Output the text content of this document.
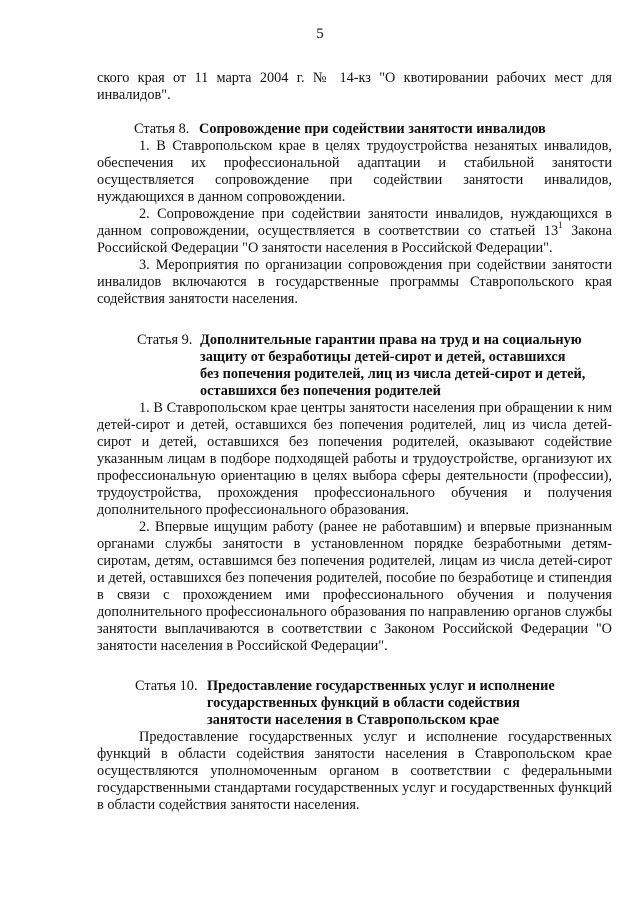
5

ского края от 11 марта 2004 г. № 14-кз "О квотировании рабочих мест для инвалидов".

Статья 8. Сопровождение при содействии занятости инвалидов

1. В Ставропольском крае в целях трудоустройства незанятых инвалидов, обеспечения их профессиональной адаптации и стабильной занятости осуществляется сопровождение при содействии занятости инвалидов, нуждающихся в данном сопровождении.

2. Сопровождение при содействии занятости инвалидов, нуждающихся в данном сопровождении, осуществляется в соответствии со статьей $13^1$ Закона Российской Федерации "О занятости населения в Российской Федерации".

3. Мероприятия по организации сопровождения при содействии занятости инвалидов включаются в государственные программы Ставропольского края содействия занятости населения.

Статья 9. Дополнительные гарантии права на труд и на социальную
защиту от безработицы детей-сирот и детей, оставшихся
без попечения родителей, лиц из числа детей-сирот и детей,
оставшихся без попечения родителей

1. В Ставропольском крае центры занятости населения при обращении к ним детей-сирот и детей, оставшихся без попечения родителей, лиц из числа детей-сирот и детей, оставшихся без попечения родителей, оказывают содействие указанным лицам в подборе подходящей работы и трудоустройстве, организуют их профессиональную ориентацию в целях выбора сферы деятельности (профессии), трудоустройства, прохождения профессионального обучения и получения дополнительного профессионального образования.

2. Впервые ищущим работу (ранее не работавшим) и впервые признанным органами службы занятости в установленном порядке безработными детям-сиротам, детям, оставшимся без попечения родителей, лицам из числа детей-сирот и детей, оставшихся без попечения родителей, пособие по безработице и стипендия в связи с прохождением ими профессионального обучения и получения дополнительного профессионального образования по направлению органов службы занятости выплачиваются в соответствии с Законом Российской Федерации "О занятости населения в Российской Федерации".

Статья 10. Предоставление государственных услуг и исполнение
государственных функций в области содействия
занятости населения в Ставропольском крае

Предоставление государственных услуг и исполнение государственных функций в области содействия занятости населения в Ставропольском крае осуществляются уполномоченным органом в соответствии с федеральными государственными стандартами государственных услуг и государственных функций в области содействия занятости населения.
